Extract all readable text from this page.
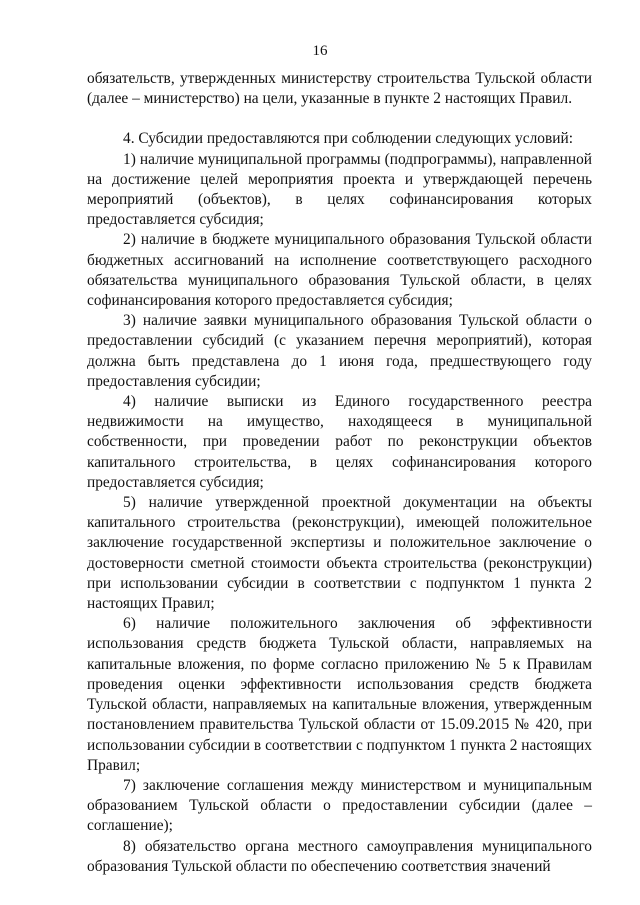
16

обязательств, утвержденных министерству строительства Тульской области (далее – министерство) на цели, указанные в пункте 2 настоящих Правил.

4. Субсидии предоставляются при соблюдении следующих условий:

1) наличие муниципальной программы (подпрограммы), направленной на достижение целей мероприятия проекта и утверждающей перечень мероприятий (объектов), в целях софинансирования которых предоставляется субсидия;

2) наличие в бюджете муниципального образования Тульской области бюджетных ассигнований на исполнение соответствующего расходного обязательства муниципального образования Тульской области, в целях софинансирования которого предоставляется субсидия;

3) наличие заявки муниципального образования Тульской области о предоставлении субсидий (с указанием перечня мероприятий), которая должна быть представлена до 1 июня года, предшествующего году предоставления субсидии;

4) наличие выписки из Единого государственного реестра недвижимости на имущество, находящееся в муниципальной собственности, при проведении работ по реконструкции объектов капитального строительства, в целях софинансирования которого предоставляется субсидия;

5) наличие утвержденной проектной документации на объекты капитального строительства (реконструкции), имеющей положительное заключение государственной экспертизы и положительное заключение о достоверности сметной стоимости объекта строительства (реконструкции) при использовании субсидии в соответствии с подпунктом 1 пункта 2 настоящих Правил;

6) наличие положительного заключения об эффективности использования средств бюджета Тульской области, направляемых на капитальные вложения, по форме согласно приложению № 5 к Правилам проведения оценки эффективности использования средств бюджета Тульской области, направляемых на капитальные вложения, утвержденным постановлением правительства Тульской области от 15.09.2015 № 420, при использовании субсидии в соответствии с подпунктом 1 пункта 2 настоящих Правил;

7) заключение соглашения между министерством и муниципальным образованием Тульской области о предоставлении субсидии (далее – соглашение);

8) обязательство органа местного самоуправления муниципального образования Тульской области по обеспечению соответствия значений
